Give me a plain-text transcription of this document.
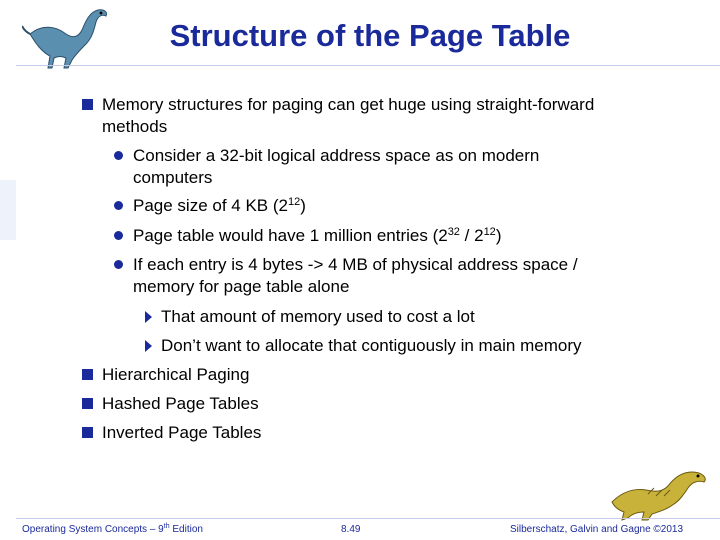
Structure of the Page Table
Memory structures for paging can get huge using straight-forward
methods
Consider a 32-bit logical address space as on modern
computers
Page size of 4 KB $(2^{12})$
Page table would have 1 million entries $(2^{32} / 2^{12})$
If each entry is 4 bytes -> 4 MB of physical address space /
memory for page table alone
That amount of memory used to cost a lot
Don’t want to allocate that contiguously in main memory
Hierarchical Paging
Hashed Page Tables
Inverted Page Tables
Operating System Concepts – 9th Edition	8.49	Silberschatz, Galvin and Gagne ©2013
